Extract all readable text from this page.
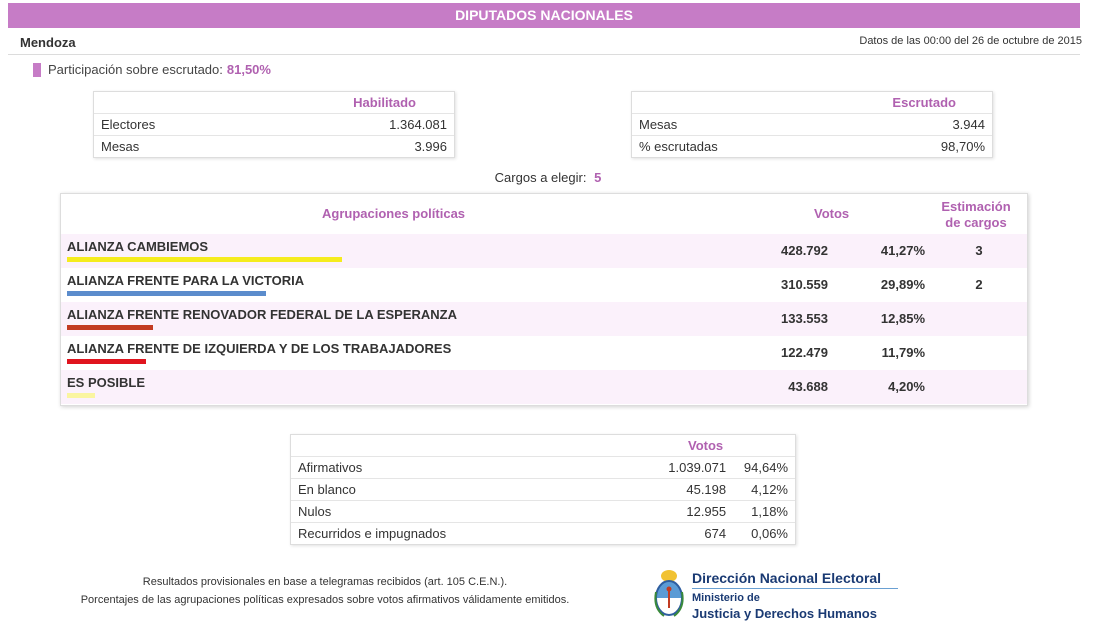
DIPUTADOS NACIONALES
Mendoza	Datos de las 00:00 del 26 de octubre de 2015
Participación sobre escrutado: 81,50%
Habilitado	
Electores	1.364.081
Mesas	3.996
Escrutado	
Mesas	3.944
% escrutadas	98,70%
Cargos a elegir: 5
Agrupaciones políticas	Votos	Estimación
de cargos
ALIANZA CAMBIEMOS	428.792	41,27%	3
ALIANZA FRENTE PARA LA VICTORIA	310.559	29,89%	2
ALIANZA FRENTE RENOVADOR FEDERAL DE LA ESPERANZA	133.553	12,85%
ALIANZA FRENTE DE IZQUIERDA Y DE LOS TRABAJADORES	122.479	11,79%
ES POSIBLE	43.688	4,20%
	Votos	
Afirmativos	1.039.071	94,64%
En blanco	45.198	4,12%
Nulos	12.955	1,18%
Recurridos e impugnados	674	0,06%
Resultados provisionales en base a telegramas recibidos (art. 105 C.E.N.).
Porcentajes de las agrupaciones políticas expresados sobre votos afirmativos válidamente emitidos.
Dirección Nacional Electoral
Ministerio de
Justicia y Derechos Humanos
